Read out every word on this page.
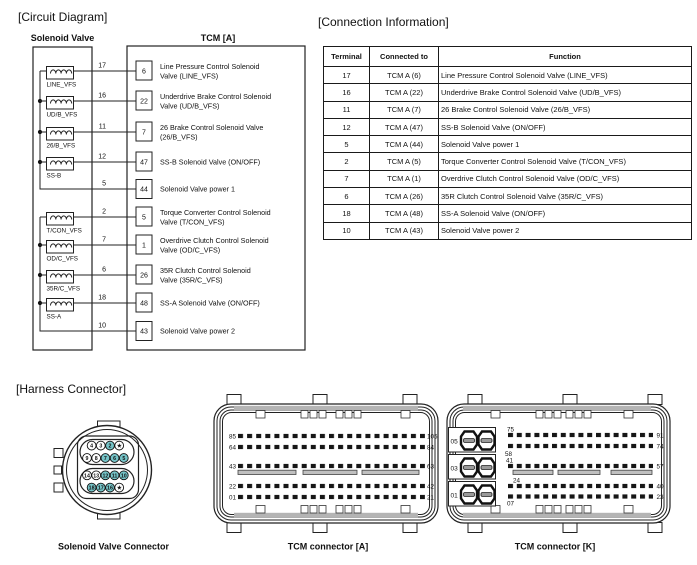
[Circuit Diagram]	[Connection Information]
[Harness Connector]
Solenoid Valve	TCM [A]
17
6
Line Pressure Control Solenoid
Valve (LINE_VFS)
16
22
Underdrive Brake Control Solenoid
Valve (UD/B_VFS)
11
7
26 Brake Control Solenoid Valve
(26/B_VFS)
12
47 SS-B Solenoid Valve (ON/OFF)
5
44 Solenoid Valve power 1
2
5
Torque Converter Control Solenoid
Valve (T/CON_VFS)
7
1
Overdrive Clutch Control Solenoid
Valve (OD/C_VFS)
6
26
35R Clutch Control Solenoid
Valve (35R/C_VFS)
18
48 SS-A Solenoid Valve (ON/OFF)
10
43 Solenoid Valve power 2
LINE_VFS
UD/B_VFS
26/B_VFS
SS-B
T/CON_VFS
OD/C_VFS
35R/C_VFS
SS-A
4 3 2 ★
9 8 7 6 5
14 13 12 11 10
18 17 16 ★
Solenoid Valve Connector
85
64
43
22
01
105
84
63
42
21
TCM connector [A]
05
03
01
75
58
41
24
07
91
74
57
40
23
TCM connector [K]
Terminal	Connected to	Function
17	TCM A (6)	Line Pressure Control Solenoid Valve (LINE_VFS)
16	TCM A (22)	Underdrive Brake Control Solenoid Valve (UD/B_VFS)
11	TCM A (7)	26 Brake Control Solenoid Valve (26/B_VFS)
12	TCM A (47)	SS-B Solenoid Valve (ON/OFF)
5	TCM A (44)	Solenoid Valve power 1
2	TCM A (5)	Torque Converter Control Solenoid Valve (T/CON_VFS)
7	TCM A (1)	Overdrive Clutch Control Solenoid Valve (OD/C_VFS)
6	TCM A (26)	35R Clutch Control Solenoid Valve (35R/C_VFS)
18	TCM A (48)	SS-A Solenoid Valve (ON/OFF)
10	TCM A (43)	Solenoid Valve power 2
